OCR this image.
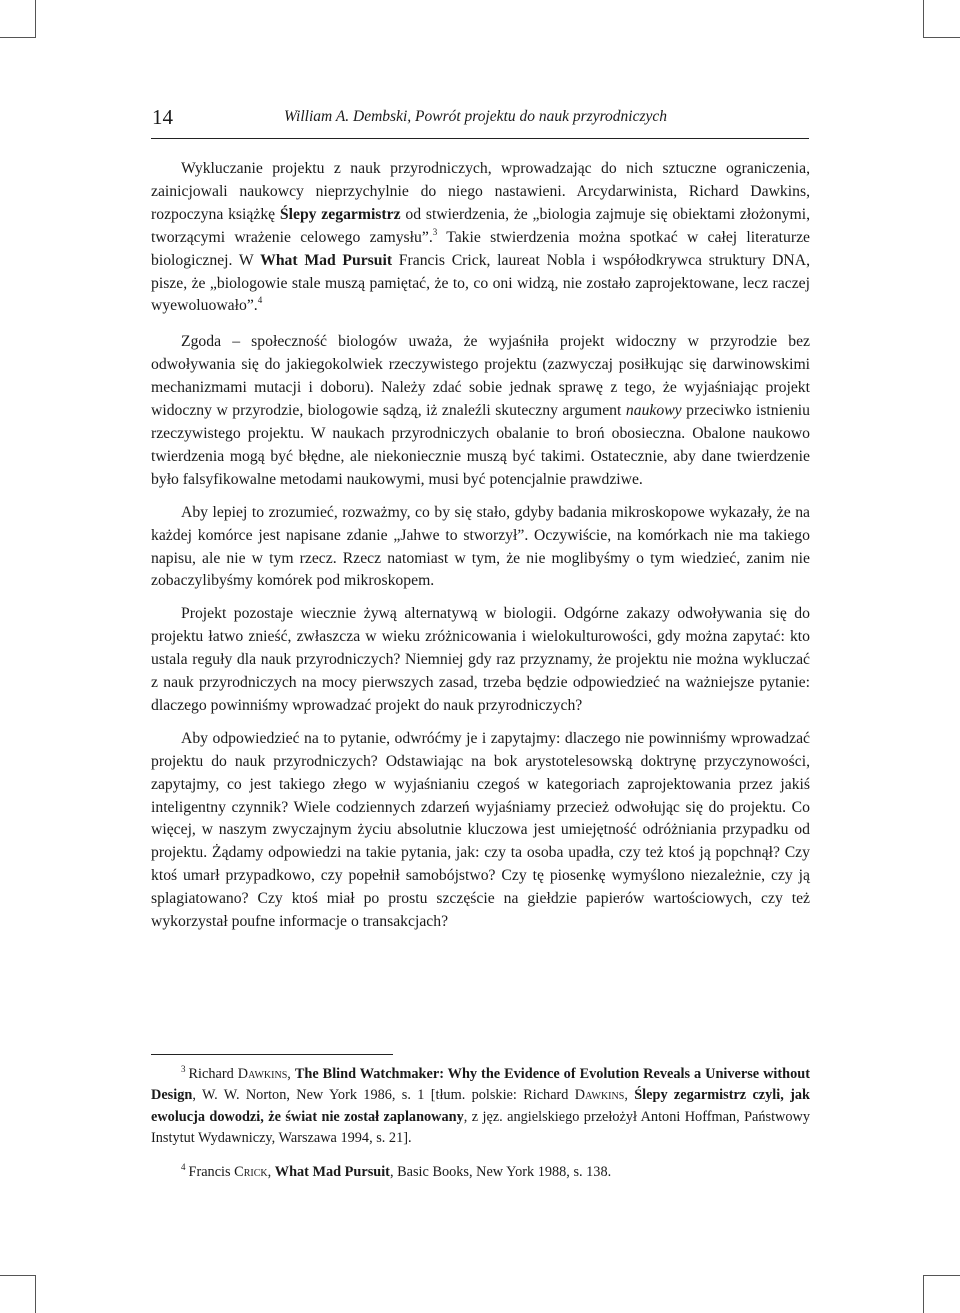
14	William A. Dembski, Powrót projektu do nauk przyrodniczych

Wykluczanie projektu z nauk przyrodniczych, wprowadzając do nich sztuczne ograniczenia, zainicjowali naukowcy nieprzychylnie do niego nastawieni. Arcydarwinista, Richard Dawkins, rozpoczyna książkę Ślepy zegarmistrz od stwierdzenia, że „biologia zajmuje się obiektami złożonymi, tworzącymi wrażenie celowego zamysłu”.$^3$ Takie stwierdzenia można spotkać w całej literaturze biologicznej. W What Mad Pursuit Francis Crick, laureat Nobla i współodkrywca struktury DNA, pisze, że „biologowie stale muszą pamiętać, że to, co oni widzą, nie zostało zaprojektowane, lecz raczej wyewoluowało”.$^4$

Zgoda – społeczność biologów uważa, że wyjaśniła projekt widoczny w przyrodzie bez odwoływania się do jakiegokolwiek rzeczywistego projektu (zazwyczaj posiłkując się darwinowskimi mechanizmami mutacji i doboru). Należy zdać sobie jednak sprawę z tego, że wyjaśniając projekt widoczny w przyrodzie, biologowie sądzą, iż znaleźli skuteczny argument naukowy przeciwko istnieniu rzeczywistego projektu. W naukach przyrodniczych obalanie to broń obosieczna. Obalone naukowo twierdzenia mogą być błędne, ale niekoniecznie muszą być takimi. Ostatecznie, aby dane twierdzenie było falsyfikowalne metodami naukowymi, musi być potencjalnie prawdziwe.

Aby lepiej to zrozumieć, rozważmy, co by się stało, gdyby badania mikroskopowe wykazały, że na każdej komórce jest napisane zdanie „Jahwe to stworzył”. Oczywiście, na komórkach nie ma takiego napisu, ale nie w tym rzecz. Rzecz natomiast w tym, że nie moglibyśmy o tym wiedzieć, zanim nie zobaczylibyśmy komórek pod mikroskopem.

Projekt pozostaje wiecznie żywą alternatywą w biologii. Odgórne zakazy odwoływania się do projektu łatwo znieść, zwłaszcza w wieku zróżnicowania i wielokulturowości, gdy można zapytać: kto ustala reguły dla nauk przyrodniczych? Niemniej gdy raz przyznamy, że projektu nie można wykluczać z nauk przyrodniczych na mocy pierwszych zasad, trzeba będzie odpowiedzieć na ważniejsze pytanie: dlaczego powinniśmy wprowadzać projekt do nauk przyrodniczych?

Aby odpowiedzieć na to pytanie, odwróćmy je i zapytajmy: dlaczego nie powinniśmy wprowadzać projektu do nauk przyrodniczych? Odstawiając na bok arystotelesowską doktrynę przyczynowości, zapytajmy, co jest takiego złego w wyjaśnianiu czegoś w kategoriach zaprojektowania przez jakiś inteligentny czynnik? Wiele codziennych zdarzeń wyjaśniamy przecież odwołując się do projektu. Co więcej, w naszym zwyczajnym życiu absolutnie kluczowa jest umiejętność odróżniania przypadku od projektu. Żądamy odpowiedzi na takie pytania, jak: czy ta osoba upadła, czy też ktoś ją popchnął? Czy ktoś umarł przypadkowo, czy popełnił samobójstwo? Czy tę piosenkę wymyślono niezależnie, czy ją splagiatowano? Czy ktoś miał po prostu szczęście na giełdzie papierów wartościowych, czy też wykorzystał poufne informacje o transakcjach?

$^3$ Richard Dawkins, The Blind Watchmaker: Why the Evidence of Evolution Reveals a Universe without Design, W. W. Norton, New York 1986, s. 1 [tłum. polskie: Richard Dawkins, Ślepy zegarmistrz czyli, jak ewolucja dowodzi, że świat nie został zaplanowany, z jęz. angielskiego przełożył Antoni Hoffman, Państwowy Instytut Wydawniczy, Warszawa 1994, s. 21].

$^4$ Francis Crick, What Mad Pursuit, Basic Books, New York 1988, s. 138.
